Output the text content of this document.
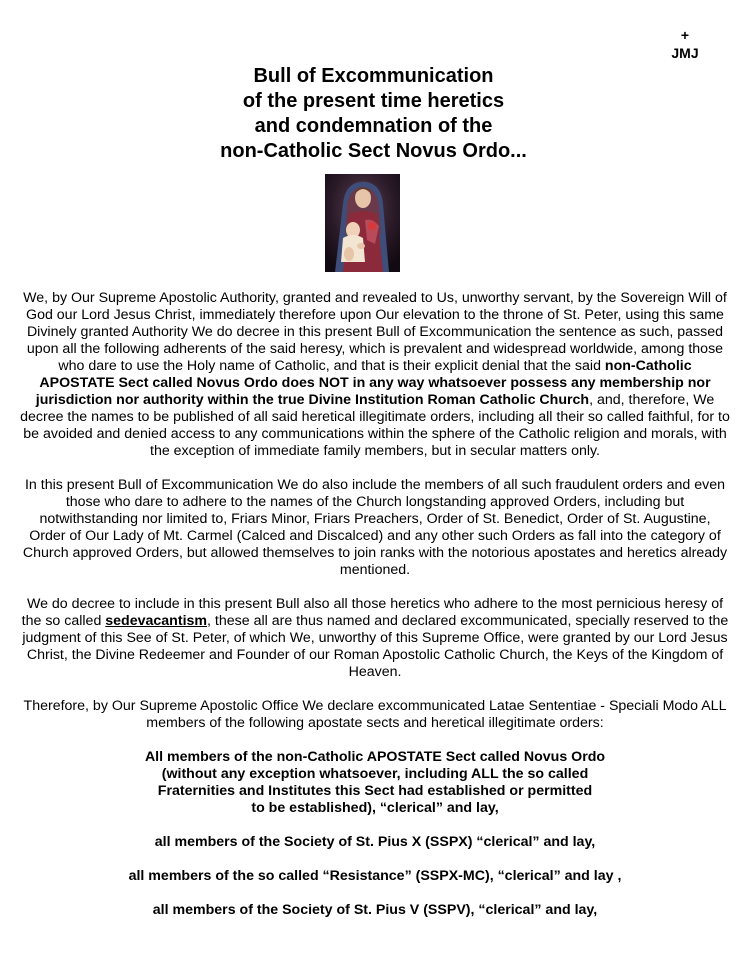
+
JMJ
Bull of Excommunication
of the present time heretics
and condemnation of the
non-Catholic Sect Novus Ordo...

We, by Our Supreme Apostolic Authority, granted and revealed to Us, unworthy servant, by the Sovereign Will of God our Lord Jesus Christ, immediately therefore upon Our elevation to the throne of St. Peter, using this same Divinely granted Authority We do decree in this present Bull of Excommunication the sentence as such, passed upon all the following adherents of the said heresy, which is prevalent and widespread worldwide, among those who dare to use the Holy name of Catholic, and that is their explicit denial that the said non-Catholic APOSTATE Sect called Novus Ordo does NOT in any way whatsoever possess any membership nor jurisdiction nor authority within the true Divine Institution Roman Catholic Church, and, therefore, We decree the names to be published of all said heretical illegitimate orders, including all their so called faithful, for to be avoided and denied access to any communications within the sphere of the Catholic religion and morals, with the exception of immediate family members, but in secular matters only.

In this present Bull of Excommunication We do also include the members of all such fraudulent orders and even those who dare to adhere to the names of the Church longstanding approved Orders, including but notwithstanding nor limited to, Friars Minor, Friars Preachers, Order of St. Benedict, Order of St. Augustine, Order of Our Lady of Mt. Carmel (Calced and Discalced) and any other such Orders as fall into the category of Church approved Orders, but allowed themselves to join ranks with the notorious apostates and heretics already mentioned.

We do decree to include in this present Bull also all those heretics who adhere to the most pernicious heresy of the so called sedevacantism, these all are thus named and declared excommunicated, specially reserved to the judgment of this See of St. Peter, of which We, unworthy of this Supreme Office, were granted by our Lord Jesus Christ, the Divine Redeemer and Founder of our Roman Apostolic Catholic Church, the Keys of the Kingdom of Heaven.

Therefore, by Our Supreme Apostolic Office We declare excommunicated Latae Sententiae - Speciali Modo ALL members of the following apostate sects and heretical illegitimate orders:

All members of the non-Catholic APOSTATE Sect called Novus Ordo
(without any exception whatsoever, including ALL the so called
Fraternities and Institutes this Sect had established or permitted
to be established), “clerical” and lay,
all members of the Society of St. Pius X (SSPX) “clerical” and lay,
all members of the so called “Resistance” (SSPX-MC), “clerical” and lay ,
all members of the Society of St. Pius V (SSPV), “clerical” and lay,
